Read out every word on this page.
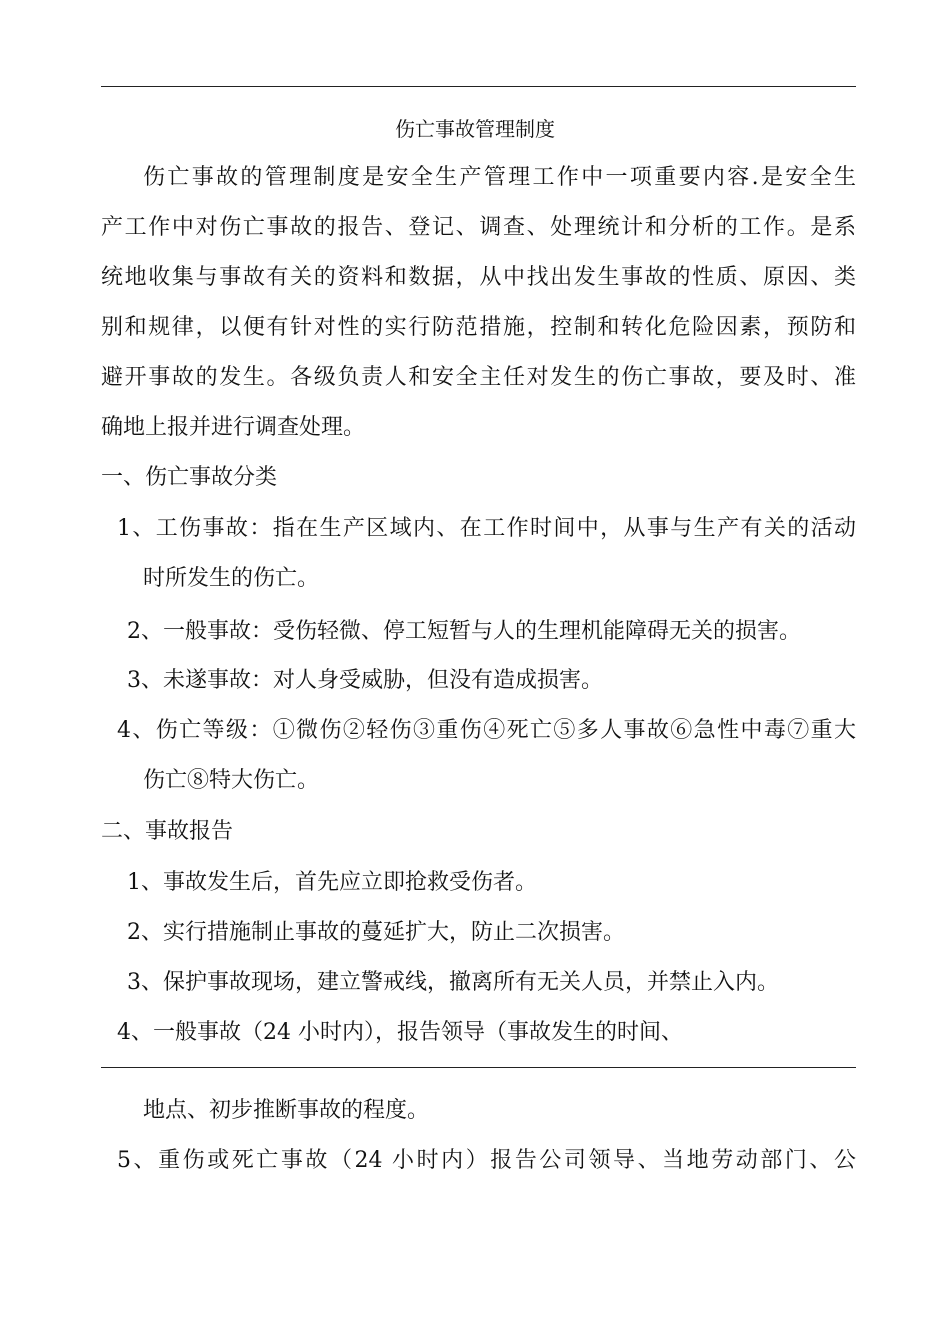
伤亡事故管理制度
伤亡事故的管理制度是安全生产管理工作中一项重要内容.是安全生
产工作中对伤亡事故的报告、登记、调查、处理统计和分析的工作。是系
统地收集与事故有关的资料和数据，从中找出发生事故的性质、原因、类
别和规律，以便有针对性的实行防范措施，控制和转化危险因素，预防和
避开事故的发生。各级负责人和安全主任对发生的伤亡事故，要及时、准
确地上报并进行调查处理。
一、伤亡事故分类
1、工伤事故：指在生产区域内、在工作时间中，从事与生产有关的活动
时所发生的伤亡。
2、一般事故：受伤轻微、停工短暂与人的生理机能障碍无关的损害。
3、未遂事故：对人身受威胁，但没有造成损害。
4、伤亡等级：①微伤②轻伤③重伤④死亡⑤多人事故⑥急性中毒⑦重大
伤亡⑧特大伤亡。
二、事故报告
1、事故发生后，首先应立即抢救受伤者。
2、实行措施制止事故的蔓延扩大，防止二次损害。
3、保护事故现场，建立警戒线，撤离所有无关人员，并禁止入内。
4、一般事故（24 小时内），报告领导（事故发生的时间、
地点、初步推断事故的程度。
5、重伤或死亡事故（24 小时内）报告公司领导、当地劳动部门、公
